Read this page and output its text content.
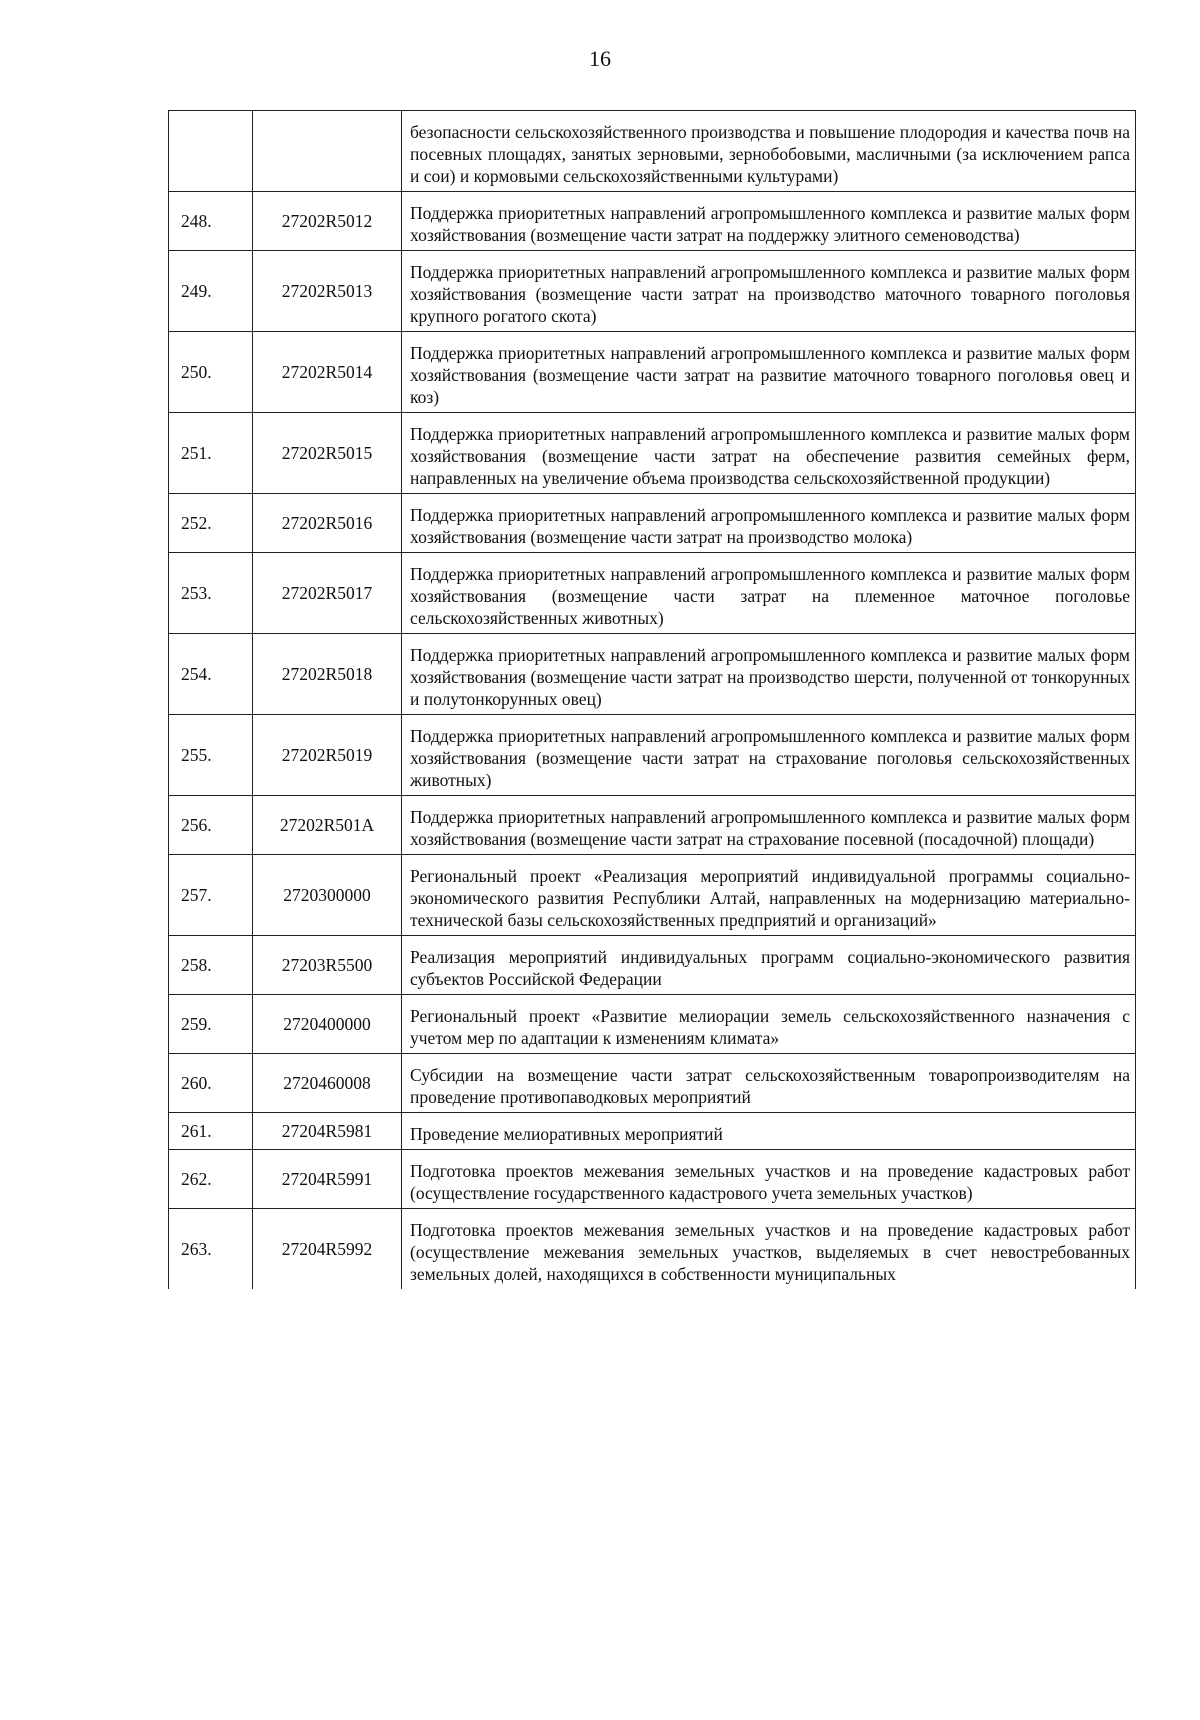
16
		безопасности сельскохозяйственного производства и повышение плодородия и качества почв на посевных площадях, занятых зерновыми, зернобобовыми, масличными (за исключением рапса и сои) и кормовыми сельскохозяйственными культурами)
248.	27202R5012	Поддержка приоритетных направлений агропромышленного комплекса и развитие малых форм хозяйствования (возмещение части затрат на поддержку элитного семеноводства)
249.	27202R5013	Поддержка приоритетных направлений агропромышленного комплекса и развитие малых форм хозяйствования (возмещение части затрат на производство маточного товарного поголовья крупного рогатого скота)
250.	27202R5014	Поддержка приоритетных направлений агропромышленного комплекса и развитие малых форм хозяйствования (возмещение части затрат на развитие маточного товарного поголовья овец и коз)
251.	27202R5015	Поддержка приоритетных направлений агропромышленного комплекса и развитие малых форм хозяйствования (возмещение части затрат на обеспечение развития семейных ферм, направленных на увеличение объема производства сельскохозяйственной продукции)
252.	27202R5016	Поддержка приоритетных направлений агропромышленного комплекса и развитие малых форм хозяйствования (возмещение части затрат на производство молока)
253.	27202R5017	Поддержка приоритетных направлений агропромышленного комплекса и развитие малых форм хозяйствования (возмещение части затрат на племенное маточное поголовье сельскохозяйственных животных)
254.	27202R5018	Поддержка приоритетных направлений агропромышленного комплекса и развитие малых форм хозяйствования (возмещение части затрат на производство шерсти, полученной от тонкорунных и полутонкорунных овец)
255.	27202R5019	Поддержка приоритетных направлений агропромышленного комплекса и развитие малых форм хозяйствования (возмещение части затрат на страхование поголовья сельскохозяйственных животных)
256.	27202R501A	Поддержка приоритетных направлений агропромышленного комплекса и развитие малых форм хозяйствования (возмещение части затрат на страхование посевной (посадочной) площади)
257.	2720300000	Региональный проект «Реализация мероприятий индивидуальной программы социально-экономического развития Республики Алтай, направленных на модернизацию материально-технической базы сельскохозяйственных предприятий и организаций»
258.	27203R5500	Реализация мероприятий индивидуальных программ социально-экономического развития субъектов Российской Федерации
259.	2720400000	Региональный проект «Развитие мелиорации земель сельскохозяйственного назначения с учетом мер по адаптации к изменениям климата»
260.	2720460008	Субсидии на возмещение части затрат сельскохозяйственным товаропроизводителям на проведение противопаводковых мероприятий
261.	27204R5981	Проведение мелиоративных мероприятий
262.	27204R5991	Подготовка проектов межевания земельных участков и на проведение кадастровых работ (осуществление государственного кадастрового учета земельных участков)
263.	27204R5992	Подготовка проектов межевания земельных участков и на проведение кадастровых работ (осуществление межевания земельных участков, выделяемых в счет невостребованных земельных долей, находящихся в собственности муниципальных
